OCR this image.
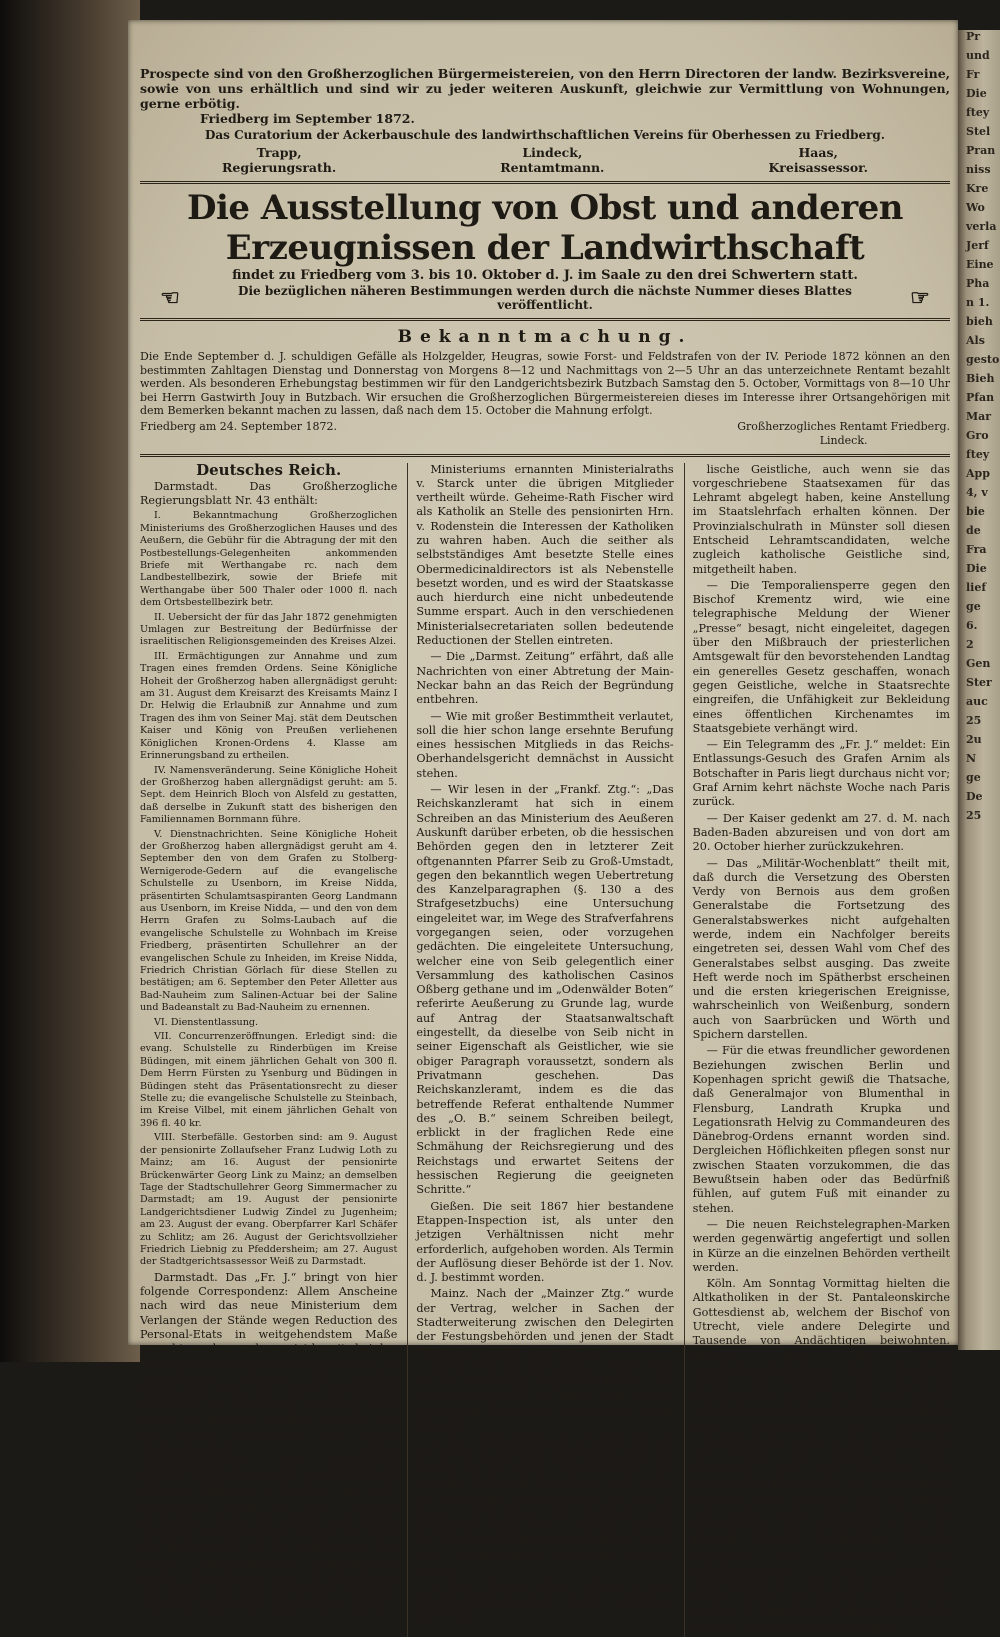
Prospecte sind von den Großherzoglichen Bürgermeistereien, von den Herrn Directoren der landw. Bezirksvereine, sowie von uns erhältlich und sind wir zu jeder weiteren Auskunft, gleichwie zur Vermittlung von Wohnungen, gerne erbötig.
Friedberg im September 1872.
Das Curatorium der Ackerbauschule des landwirthschaftlichen Vereins für Oberhessen zu Friedberg.
Trapp,
Regierungsrath.
Lindeck,
Rentamtmann.
Haas,
Kreisassessor.
Die Ausstellung von Obst und anderen Erzeugnissen der Landwirthschaft
findet zu Friedberg vom 3. bis 10. Oktober d. J. im Saale zu den drei Schwertern statt.
☜	Die bezüglichen näheren Bestimmungen werden durch die nächste Nummer dieses Blattes veröffentlicht.	☞
Bekanntmachung.
Die Ende September d. J. schuldigen Gefälle als Holzgelder, Heugras, sowie Forst- und Feldstrafen von der IV. Periode 1872 können an den bestimmten Zahltagen Dienstag und Donnerstag von Morgens 8—12 und Nachmittags von 2—5 Uhr an das unterzeichnete Rentamt bezahlt werden. Als besonderen Erhebungstag bestimmen wir für den Landgerichtsbezirk Butzbach Samstag den 5. October, Vormittags von 8—10 Uhr bei Herrn Gastwirth Jouy in Butzbach. Wir ersuchen die Großherzoglichen Bürgermeistereien dieses im Interesse ihrer Ortsangehörigen mit dem Bemerken bekannt machen zu lassen, daß nach dem 15. October die Mahnung erfolgt.
Friedberg am 24. September 1872.	Großherzogliches Rentamt Friedberg.
Lindeck.
Deutsches Reich.

Darmstadt. Das Großherzogliche Regierungsblatt Nr. 43 enthält:

I. Bekanntmachung Großherzoglichen Ministeriums des Großherzoglichen Hauses und des Aeußern, die Gebühr für die Abtragung der mit den Postbestellungs-Gelegenheiten ankommenden Briefe mit Werthangabe rc. nach dem Landbestellbezirk, sowie der Briefe mit Werthangabe über 500 Thaler oder 1000 fl. nach dem Ortsbestellbezirk betr.

II. Uebersicht der für das Jahr 1872 genehmigten Umlagen zur Bestreitung der Bedürfnisse der israelitischen Religionsgemeinden des Kreises Alzei.

III. Ermächtigungen zur Annahme und zum Tragen eines fremden Ordens. Seine Königliche Hoheit der Großherzog haben allergnädigst geruht: am 31. August dem Kreisarzt des Kreisamts Mainz I Dr. Helwig die Erlaubniß zur Annahme und zum Tragen des ihm von Seiner Maj. stät dem Deutschen Kaiser und König von Preußen verliehenen Königlichen Kronen-Ordens 4. Klasse am Erinnerungsband zu ertheilen.

IV. Namensveränderung. Seine Königliche Hoheit der Großherzog haben allergnädigst geruht: am 5. Sept. dem Heinrich Bloch von Alsfeld zu gestatten, daß derselbe in Zukunft statt des bisherigen den Familiennamen Bornmann führe.

V. Dienstnachrichten. Seine Königliche Hoheit der Großherzog haben allergnädigst geruht am 4. September den von dem Grafen zu Stolberg-Wernigerode-Gedern auf die evangelische Schulstelle zu Usenborn, im Kreise Nidda, präsentirten Schulamtsaspiranten Georg Landmann aus Usenborn, im Kreise Nidda, — und den von dem Herrn Grafen zu Solms-Laubach auf die evangelische Schulstelle zu Wohnbach im Kreise Friedberg, präsentirten Schullehrer an der evangelischen Schule zu Inheiden, im Kreise Nidda, Friedrich Christian Görlach für diese Stellen zu bestätigen; am 6. September den Peter Alletter aus Bad-Nauheim zum Salinen-Actuar bei der Saline und Badeanstalt zu Bad-Nauheim zu ernennen.

VI. Dienstentlassung.

VII. Concurrenzeröffnungen. Erledigt sind: die evang. Schulstelle zu Rinderbügen im Kreise Büdingen, mit einem jährlichen Gehalt von 300 fl. Dem Herrn Fürsten zu Ysenburg und Büdingen in Büdingen steht das Präsentationsrecht zu dieser Stelle zu; die evangelische Schulstelle zu Steinbach, im Kreise Vilbel, mit einem jährlichen Gehalt von 396 fl. 40 kr.

VIII. Sterbefälle. Gestorben sind: am 9. August der pensionirte Zollaufseher Franz Ludwig Loth zu Mainz; am 16. August der pensionirte Brückenwärter Georg Link zu Mainz; an demselben Tage der Stadtschullehrer Georg Simmermacher zu Darmstadt; am 19. August der pensionirte Landgerichtsdiener Ludwig Zindel zu Jugenheim; am 23. August der evang. Oberpfarrer Karl Schäfer zu Schlitz; am 26. August der Gerichtsvollzieher Friedrich Liebnig zu Pfeddersheim; am 27. August der Stadtgerichtsassessor Weiß zu Darmstadt.

Darmstadt. Das „Fr. J.“ bringt von hier folgende Correspondenz: Allem Anscheine nach wird das neue Ministerium dem Verlangen der Stände wegen Reduction des Personal-Etats in weitgehendstem Maße gerecht werden, und zwar ist bereits bei den Ministerien hiermit der Anfang gemacht. In maßgebenden Kreisen soll nämlich beschlossen sein, die dritte etatsmäßige Rathsstelle im Ministerium der Justiz nicht wieder zu besetzen, sondern dasselbe nur aus einem dieseitigen und einem rheinhessischen Juristen zusammenzusetzen. Der neuernannte Director Kempf wird daher die Referate des früheren Ministers v. Lindelof und Geh. Staatsraths Frank in dem seinigen vereinigen, sowie der soeben zum Rathe ernannte Advokat-Anwalt Finger zu Alzey das Referat des in das Ministerium des Innern übergegangenen Geheimeraths Fischer übernehmen. Auch im Ministerium des Innern soll eine Rathsstelle eingehen, indem das Referat des zum Director dieses

Ministeriums ernannten Ministerialraths v. Starck unter die übrigen Mitglieder vertheilt würde. Geheime-Rath Fischer wird als Katholik an Stelle des pensionirten Hrn. v. Rodenstein die Interessen der Katholiken zu wahren haben. Auch die seither als selbstständiges Amt besetzte Stelle eines Obermedicinaldirectors ist als Nebenstelle besetzt worden, und es wird der Staatskasse auch hierdurch eine nicht unbedeutende Summe erspart. Auch in den verschiedenen Ministerialsecretariaten sollen bedeutende Reductionen der Stellen eintreten.

— Die „Darmst. Zeitung“ erfährt, daß alle Nachrichten von einer Abtretung der Main-Neckar bahn an das Reich der Begründung entbehren.

— Wie mit großer Bestimmtheit verlautet, soll die hier schon lange ersehnte Berufung eines hessischen Mitglieds in das Reichs-Oberhandelsgericht demnächst in Aussicht stehen.

— Wir lesen in der „Frankf. Ztg.“: „Das Reichskanzleramt hat sich in einem Schreiben an das Ministerium des Aeußeren Auskunft darüber erbeten, ob die hessischen Behörden gegen den in letzterer Zeit oftgenannten Pfarrer Seib zu Groß-Umstadt, gegen den bekanntlich wegen Uebertretung des Kanzelparagraphen (§. 130 a des Strafgesetzbuchs) eine Untersuchung eingeleitet war, im Wege des Strafverfahrens vorgegangen seien, oder vorzugehen gedächten. Die eingeleitete Untersuchung, welcher eine von Seib gelegentlich einer Versammlung des katholischen Casinos Oßberg gethane und im „Odenwälder Boten“ referirte Aeußerung zu Grunde lag, wurde auf Antrag der Staatsanwaltschaft eingestellt, da dieselbe von Seib nicht in seiner Eigenschaft als Geistlicher, wie sie obiger Paragraph voraussetzt, sondern als Privatmann geschehen. Das Reichskanzleramt, indem es die das betreffende Referat enthaltende Nummer des „O. B.“ seinem Schreiben beilegt, erblickt in der fraglichen Rede eine Schmähung der Reichsregierung und des Reichstags und erwartet Seitens der hessischen Regierung die geeigneten Schritte.“

Gießen. Die seit 1867 hier bestandene Etappen-Inspection ist, als unter den jetzigen Verhältnissen nicht mehr erforderlich, aufgehoben worden. Als Termin der Auflösung dieser Behörde ist der 1. Nov. d. J. bestimmt worden.

Mainz. Nach der „Mainzer Ztg.“ wurde der Vertrag, welcher in Sachen der Stadterweiterung zwischen den Delegirten der Festungsbehörden und jenen der Stadt vereinbart worden, unterzeichnet.

Berlin. Wie die „Kreuz-Ztg.“ wissen will, ist die Mittheilung belgischer Blätter, der deutsche Gesandte in Paris, Graf Arnim, habe seine Entlassung nachgesucht, völlig grundlos.

— Die „Börsen-Zeitung“ erwähnt die auf der Börse coursirende Mittheilung über die Kündigung der 5proc. Bundesanleihe und bemerkt: Sicherem Vernehmen nach stehe die Kündigung dieser Anleihe für den 1. Januar 1873 bevor. Den Besitzern wäre freigestellt, schon vom 1. October 1872 an die Stücke zur Einlösung vorzulegen, wobei eine halbprocentige Vergütung gewährt würde.

— Dem „Westph. Merk.“ zufolge ist eine Ministerialentscheidung dahin ergangen, daß katho-

lische Geistliche, auch wenn sie das vorgeschriebene Staatsexamen für das Lehramt abgelegt haben, keine Anstellung im Staatslehrfach erhalten können. Der Provinzialschulrath in Münster soll diesen Entscheid Lehramtscandidaten, welche zugleich katholische Geistliche sind, mitgetheilt haben.

— Die Temporaliensperre gegen den Bischof Krementz wird, wie eine telegraphische Meldung der Wiener „Presse“ besagt, nicht eingeleitet, dagegen über den Mißbrauch der priesterlichen Amtsgewalt für den bevorstehenden Landtag ein generelles Gesetz geschaffen, wonach gegen Geistliche, welche in Staatsrechte eingreifen, die Unfähigkeit zur Bekleidung eines öffentlichen Kirchenamtes im Staatsgebiete verhängt wird.

— Ein Telegramm des „Fr. J.“ meldet: Ein Entlassungs-Gesuch des Grafen Arnim als Botschafter in Paris liegt durchaus nicht vor; Graf Arnim kehrt nächste Woche nach Paris zurück.

— Der Kaiser gedenkt am 27. d. M. nach Baden-Baden abzureisen und von dort am 20. October hierher zurückzukehren.

— Das „Militär-Wochenblatt“ theilt mit, daß durch die Versetzung des Obersten Verdy von Bernois aus dem großen Generalstabe die Fortsetzung des Generalstabswerkes nicht aufgehalten werde, indem ein Nachfolger bereits eingetreten sei, dessen Wahl vom Chef des Generalstabes selbst ausging. Das zweite Heft werde noch im Spätherbst erscheinen und die ersten kriegerischen Ereignisse, wahrscheinlich von Weißenburg, sondern auch von Saarbrücken und Wörth und Spichern darstellen.

— Für die etwas freundlicher gewordenen Beziehungen zwischen Berlin und Kopenhagen spricht gewiß die Thatsache, daß Generalmajor von Blumenthal in Flensburg, Landrath Krupka und Legationsrath Helvig zu Commandeuren des Dänebrog-Ordens ernannt worden sind. Dergleichen Höflichkeiten pflegen sonst nur zwischen Staaten vorzukommen, die das Bewußtsein haben oder das Bedürfniß fühlen, auf gutem Fuß mit einander zu stehen.

— Die neuen Reichstelegraphen-Marken werden gegenwärtig angefertigt und sollen in Kürze an die einzelnen Behörden vertheilt werden.

Köln. Am Sonntag Vormittag hielten die Altkatholiken in der St. Pantaleonskirche Gottesdienst ab, welchem der Bischof von Utrecht, viele andere Delegirte und Tausende von Andächtigen beiwohnten. Mittags fand die letzte Delegirtenversammlung statt. Bluntschli sprach als Mitglied der deutschen evangelischen Kirche. Schulte hob hervor, daß man einig sein müsse in der Verwerfung jeder Intoleranz und geistigen Unterdrückung, sowie in der Anerkennung der Einheit der christlichen Liebe. Ueberbeck theilt ein Schreiben des armenischen Erzbischofs mit, worin dieser bedauert, nicht anwesend sein zu können und seine volle Sympathie für die Bestrebungen des Congresses ausdrückt. Hierauf wurden sämmtliche Anträge bezüglich der Organisation der Reformbewegung und Agitation angenommen, §. 1 mit einem Amendement, Inhalts dessen die Bildung eines Central-Comites in München für Süddeutschland, in Köln für Norddeutschland erfolgen

Pr
und
Fr
Die
ftey
Stel
Pran
niss
Kre
Wo
verla
Jerf
Eine
Pha
n 1.
bieh
Als
gesto
Bieh
Pfan
Mar
Gro
ftey
App
4, v
bie
de
Fra
Die
lief
ge
6.
2
Gen
Ster
auc
25
2u
N
ge
De
25
